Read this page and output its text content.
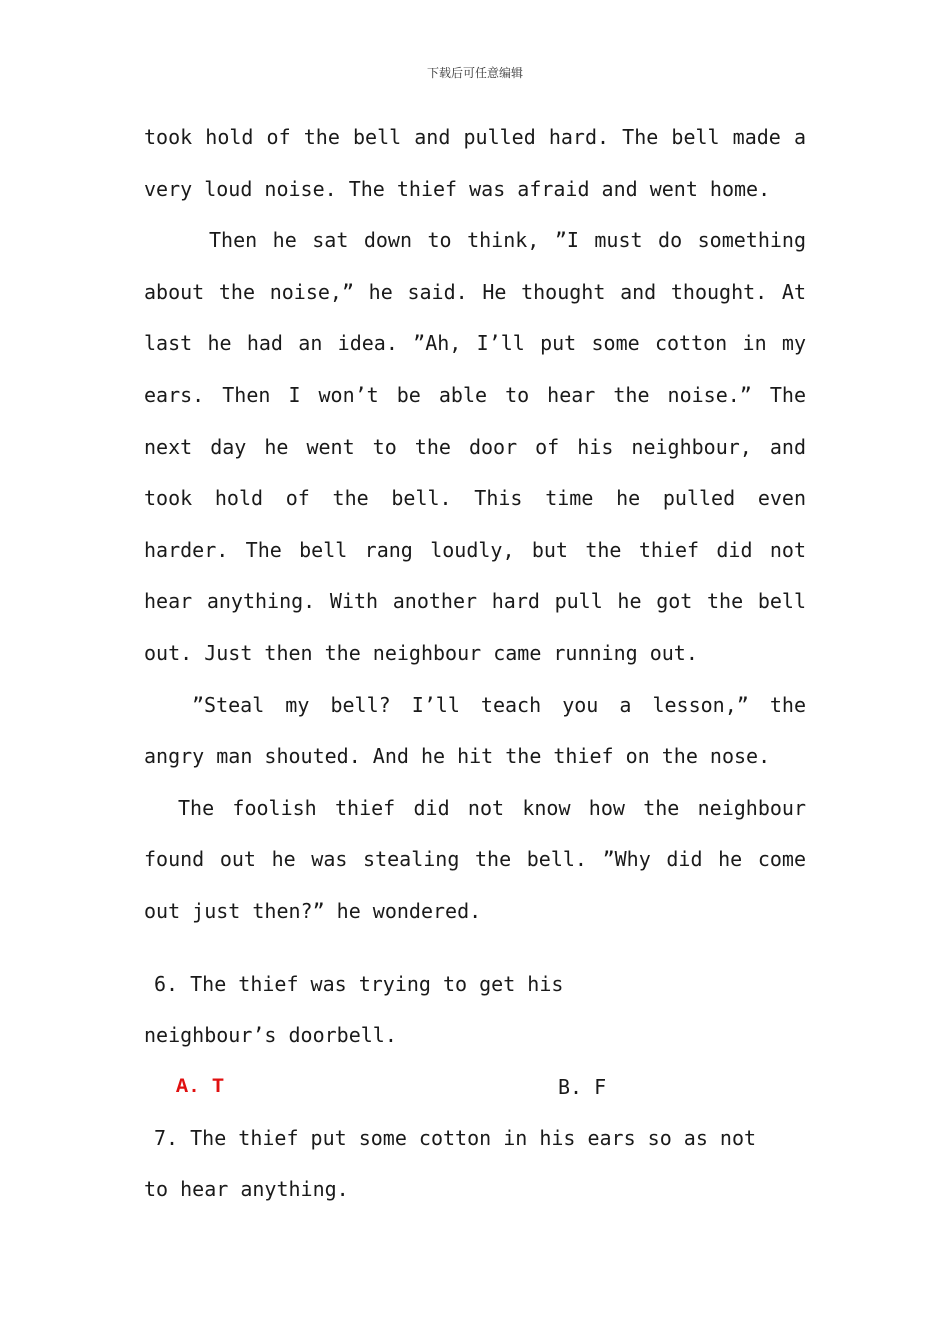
下载后可任意编辑

took hold of the bell and pulled hard. The bell made a very loud noise. The thief was afraid and went home.

Then he sat down to think, ”I must do something about the noise,” he said. He thought and thought. At last he had an idea. ”Ah, I’ll put some cotton in my ears. Then I won’t be able to hear the noise.” The next day he went to the door of his neighbour, and took hold of the bell. This time he pulled even harder. The bell rang loudly, but the thief did not hear anything. With another hard pull he got the bell out. Just then the neighbour came running out.

”Steal my bell? I’ll teach you a lesson,” the angry man shouted. And he hit the thief on the nose.

The foolish thief did not know how the neighbour found out he was stealing the bell. ”Why did he come out just then?” he wondered.

6. The thief was trying to get his neighbour’s doorbell.

A. T	B. F

7. The thief put some cotton in his ears so as not to hear anything.
